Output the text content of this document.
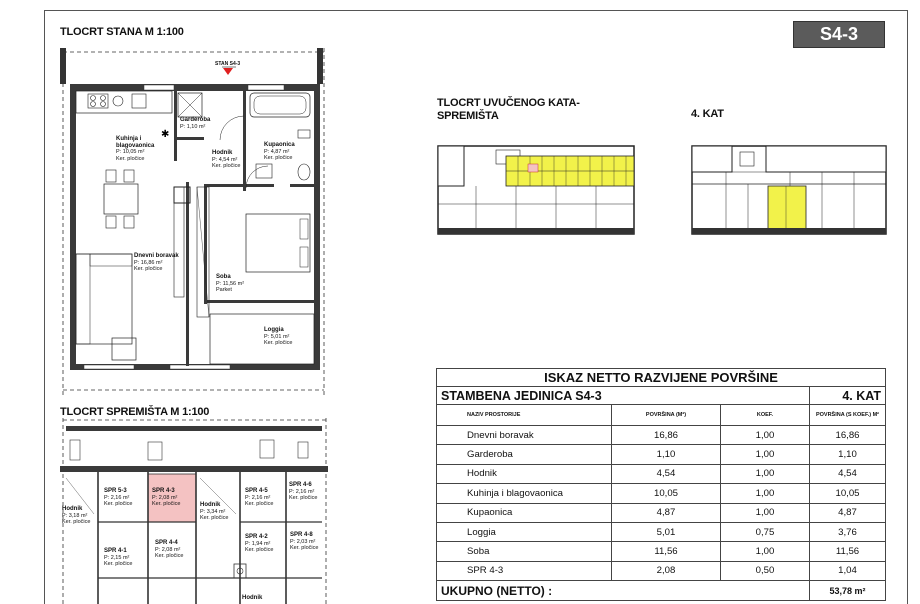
S4-3
TLOCRT STANA M 1:100
TLOCRT SPREMIŠTA M 1:100
TLOCRT UVUČENOG KATA-SPREMIŠTA	4. KAT
✱
Garderoba
P: 1,10 m²
Kuhinja i blagovaonica
P: 10,05 m²
Ker. pločice
Hodnik
P: 4,54 m²
Ker. pločice
Kupaonica
P: 4,87 m²
Ker. pločice
Dnevni boravak
P: 16,86 m²
Ker. pločice
Soba
P: 11,56 m²
Parket
Loggia
P: 5,01 m²
Ker. pločice
STAN S4-3
SPR 5-3
P: 2,16 m²
Ker. pločice
SPR 4-3
P: 2,08 m²
Ker. pločice	Hodnik
P: 3,34 m²
Ker. pločice
SPR 4-5
P: 2,16 m²
Ker. pločice
SPR 4-6
P: 2,16 m²
Ker. pločice
Hodnik
P: 3,18 m²
Ker. pločice
SPR 4-1
P: 2,15 m²
Ker. pločice
SPR 4-4
P: 2,08 m²
Ker. pločice
SPR 4-2
P: 1,94 m²
Ker. pločice
SPR 4-8
P: 2,03 m²
Ker. pločice
Hodnik
ISKAZ NETTO RAZVIJENE POVRŠINE			
STAMBENA JEDINICA S4-3			4. KAT
NAZIV PROSTORIJE	POVRŠINA (M²)	KOEF.	POVRŠINA (S KOEF.) M²
Dnevni boravak	16,86	1,00	16,86
Garderoba	1,10	1,00	1,10
Hodnik	4,54	1,00	4,54
Kuhinja i blagovaonica	10,05	1,00	10,05
Kupaonica	4,87	1,00	4,87
Loggia	5,01	0,75	3,76
Soba	11,56	1,00	11,56
SPR 4-3	2,08	0,50	1,04
UKUPNO (NETTO) :			53,78 m²
